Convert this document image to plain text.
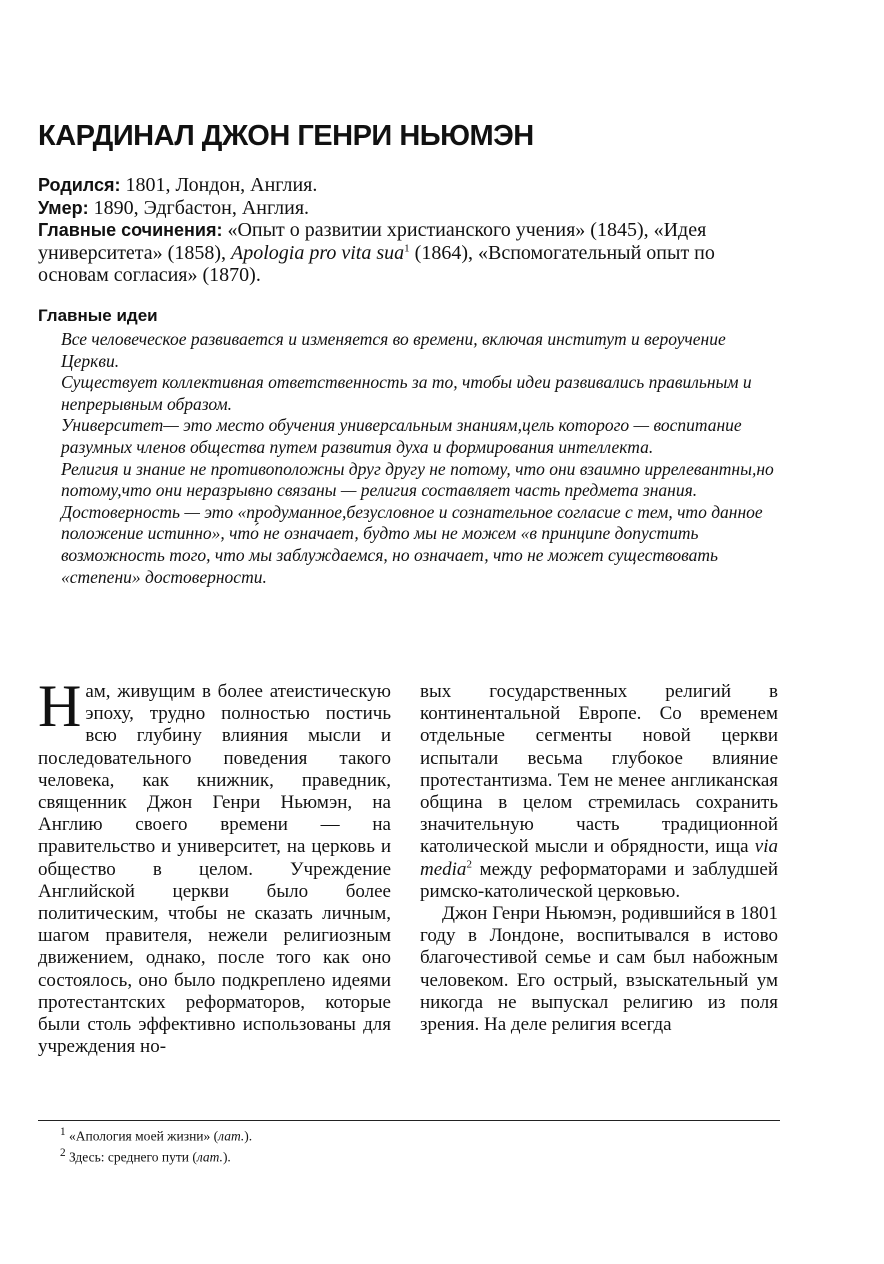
КАРДИНАЛ ДЖОН ГЕНРИ НЬЮМЭН

Родился: 1801, Лондон, Англия.

Умер: 1890, Эдгбастон, Англия.

Главные сочинения: «Опыт о развитии христианского учения» (1845), «Идея университета» (1858), Apologia pro vita sua$^1$ (1864), «Вспомогательный опыт по основам согласия» (1870).

Главные идеи

Все человеческое развивается и изменяется во времени, включая институт и вероучение Церкви.

Существует коллективная ответственность за то, чтобы идеи развивались правильным и непрерывным образом.

Университет— это место обучения универсальным знаниям,цель которого — воспитание разумных членов общества путем развития духа и формирования интеллекта.

Религия и знание не противоположны друг другу не потому, что они взаимно иррелевантны,но потому,что они неразрывно связаны — религия составляет часть предмета знания.

Достоверность — это «продуманное,безусловное и сознательное согласие с тем, что данное положение истинно», что́ не означает, будто мы не можем «в принципе допустить возможность того, что мы заблуждаемся, но означает, что не может существовать «степени» достоверности.

Нам, живущим в более атеистическую эпоху, трудно полностью постичь всю глубину влияния мысли и последовательного поведения такого человека, как книжник, праведник, священник Джон Генри Ньюмэн, на Англию своего времени — на правительство и университет, на церковь и общество в целом. Учреждение Английской церкви было более политическим, чтобы не сказать личным, шагом правителя, нежели религиозным движением, однако, после того как оно состоялось, оно было подкреплено идеями протестантских реформаторов, которые были столь эффективно использованы для учреждения но-

вых государственных религий в континентальной Европе. Со временем отдельные сегменты новой церкви испытали весьма глубокое влияние протестантизма. Тем не менее англиканская община в целом стремилась сохранить значительную часть традиционной католической мысли и обрядности, ища via media$^2$ между реформаторами и заблудшей римско-католической церковью.

Джон Генри Ньюмэн, родившийся в 1801 году в Лондоне, воспитывался в истово благочестивой семье и сам был набожным человеком. Его острый, взыскательный ум никогда не выпускал религию из поля зрения. На деле религия всегда

$^1$ «Апология моей жизни» (лат.).

$^2$ Здесь: среднего пути (лат.).
